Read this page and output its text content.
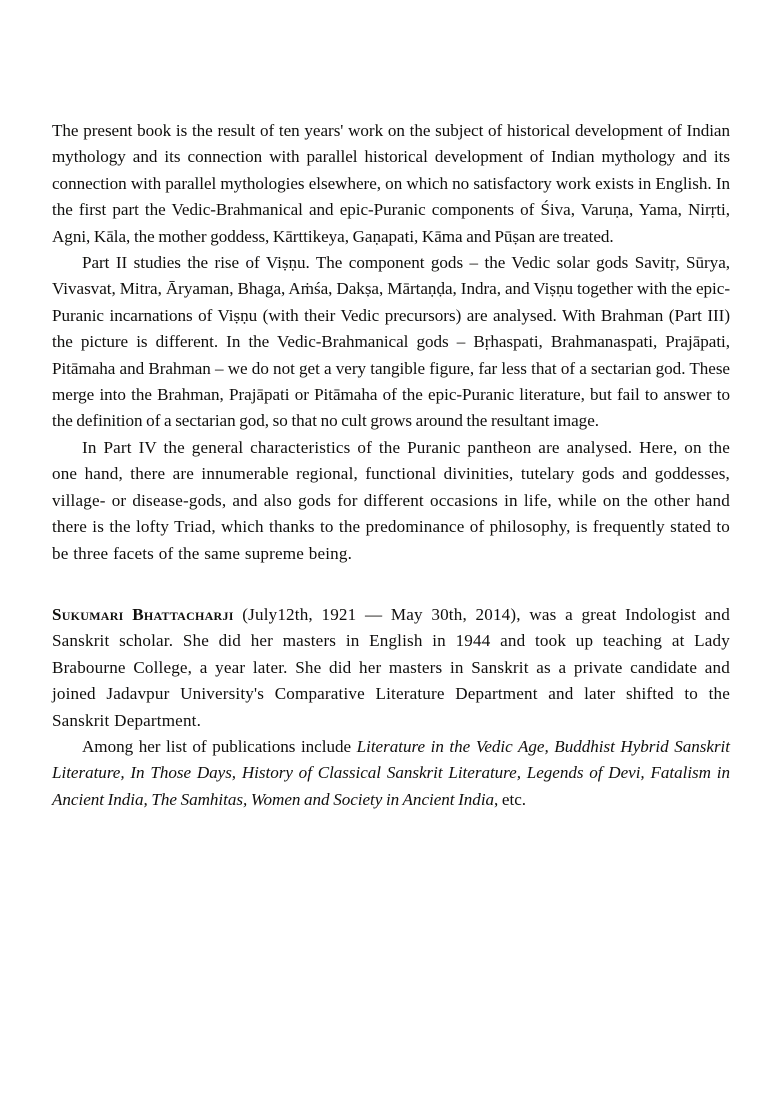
The present book is the result of ten years' work on the subject of historical development of Indian mythology and its connection with parallel historical development of Indian mythology and its connection with parallel mythologies elsewhere, on which no satisfactory work exists in English. In the first part the Vedic-Brahmanical and epic-Puranic components of Śiva, Varuṇa, Yama, Nirṛti, Agni, Kāla, the mother goddess, Kārttikeya, Gaṇapati, Kāma and Pūṣan are treated.

Part II studies the rise of Viṣṇu. The component gods – the Vedic solar gods Savitṛ, Sūrya, Vivasvat, Mitra, Āryaman, Bhaga, Aṁśa, Dakṣa, Mārtaṇḍa, Indra, and Viṣṇu together with the epic-Puranic incarnations of Viṣṇu (with their Vedic precursors) are analysed. With Brahman (Part III) the picture is different. In the Vedic-Brahmanical gods – Bṛhaspati, Brahmanaspati, Prajāpati, Pitāmaha and Brahman – we do not get a very tangible figure, far less that of a sectarian god. These merge into the Brahman, Prajāpati or Pitāmaha of the epic-Puranic literature, but fail to answer to the definition of a sectarian god, so that no cult grows around the resultant image.

In Part IV the general characteristics of the Puranic pantheon are analysed. Here, on the one hand, there are innumerable regional, functional divinities, tutelary gods and goddesses, village- or disease-gods, and also gods for different occasions in life, while on the other hand there is the lofty Triad, which thanks to the predominance of philosophy, is frequently stated to be three facets of the same supreme being.

Sukumari Bhattacharji (July12th, 1921 — May 30th, 2014), was a great Indologist and Sanskrit scholar. She did her masters in English in 1944 and took up teaching at Lady Brabourne College, a year later. She did her masters in Sanskrit as a private candidate and joined Jadavpur University's Comparative Literature Department and later shifted to the Sanskrit Department.

Among her list of publications include Literature in the Vedic Age, Buddhist Hybrid Sanskrit Literature, In Those Days, History of Classical Sanskrit Literature, Legends of Devi, Fatalism in Ancient India, The Samhitas, Women and Society in Ancient India, etc.
